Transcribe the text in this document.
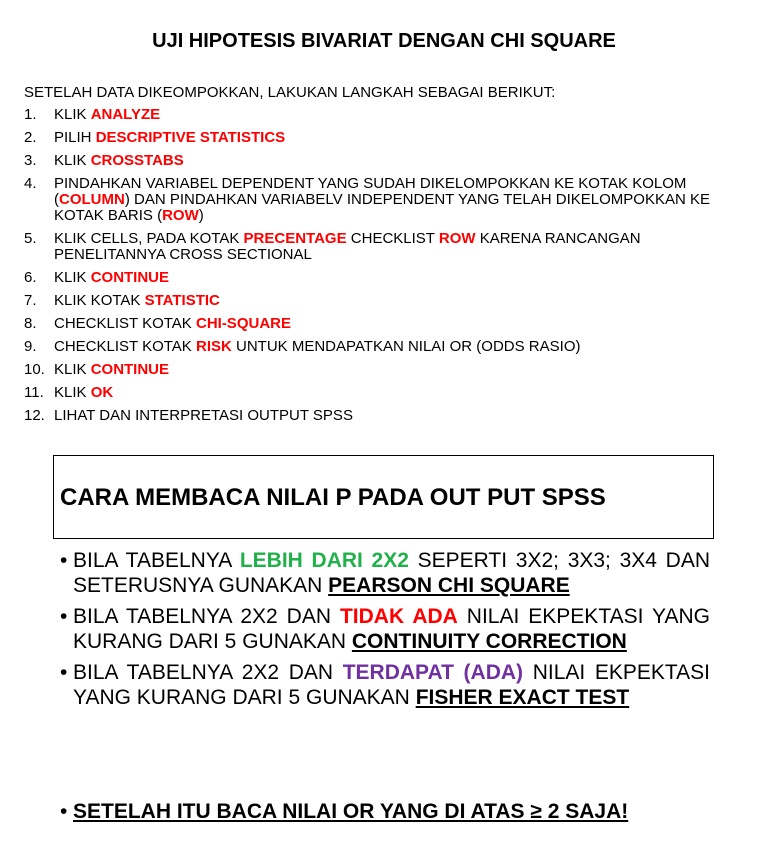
UJI HIPOTESIS BIVARIAT DENGAN CHI SQUARE
SETELAH DATA DIKEOMPOKKAN, LAKUKAN LANGKAH SEBAGAI BERIKUT:
1.	KLIK ANALYZE
2.	PILIH DESCRIPTIVE STATISTICS
3.	KLIK CROSSTABS
4.	PINDAHKAN VARIABEL DEPENDENT YANG SUDAH DIKELOMPOKKAN KE KOTAK KOLOM (COLUMN) DAN PINDAHKAN VARIABELV INDEPENDENT YANG TELAH DIKELOMPOKKAN KE KOTAK BARIS (ROW)
5.	KLIK CELLS, PADA KOTAK PRECENTAGE CHECKLIST ROW KARENA RANCANGAN PENELITANNYA CROSS SECTIONAL
6.	KLIK CONTINUE
7.	KLIK KOTAK STATISTIC
8.	CHECKLIST KOTAK CHI-SQUARE
9.	CHECKLIST KOTAK RISK UNTUK MENDAPATKAN NILAI OR (ODDS RASIO)
10. KLIK CONTINUE
11. KLIK OK
12. LIHAT DAN INTERPRETASI OUTPUT SPSS
CARA MEMBACA NILAI P PADA OUT PUT SPSS
• BILA TABELNYA LEBIH DARI 2X2 SEPERTI 3X2; 3X3; 3X4 DAN SETERUSNYA GUNAKAN PEARSON CHI SQUARE
• BILA TABELNYA 2X2 DAN TIDAK ADA NILAI EKPEKTASI YANG KURANG DARI 5 GUNAKAN CONTINUITY CORRECTION
• BILA TABELNYA 2X2 DAN TERDAPAT (ADA) NILAI EKPEKTASI YANG KURANG DARI 5 GUNAKAN FISHER EXACT TEST
• SETELAH ITU BACA NILAI OR YANG DI ATAS ≥ 2 SAJA!
